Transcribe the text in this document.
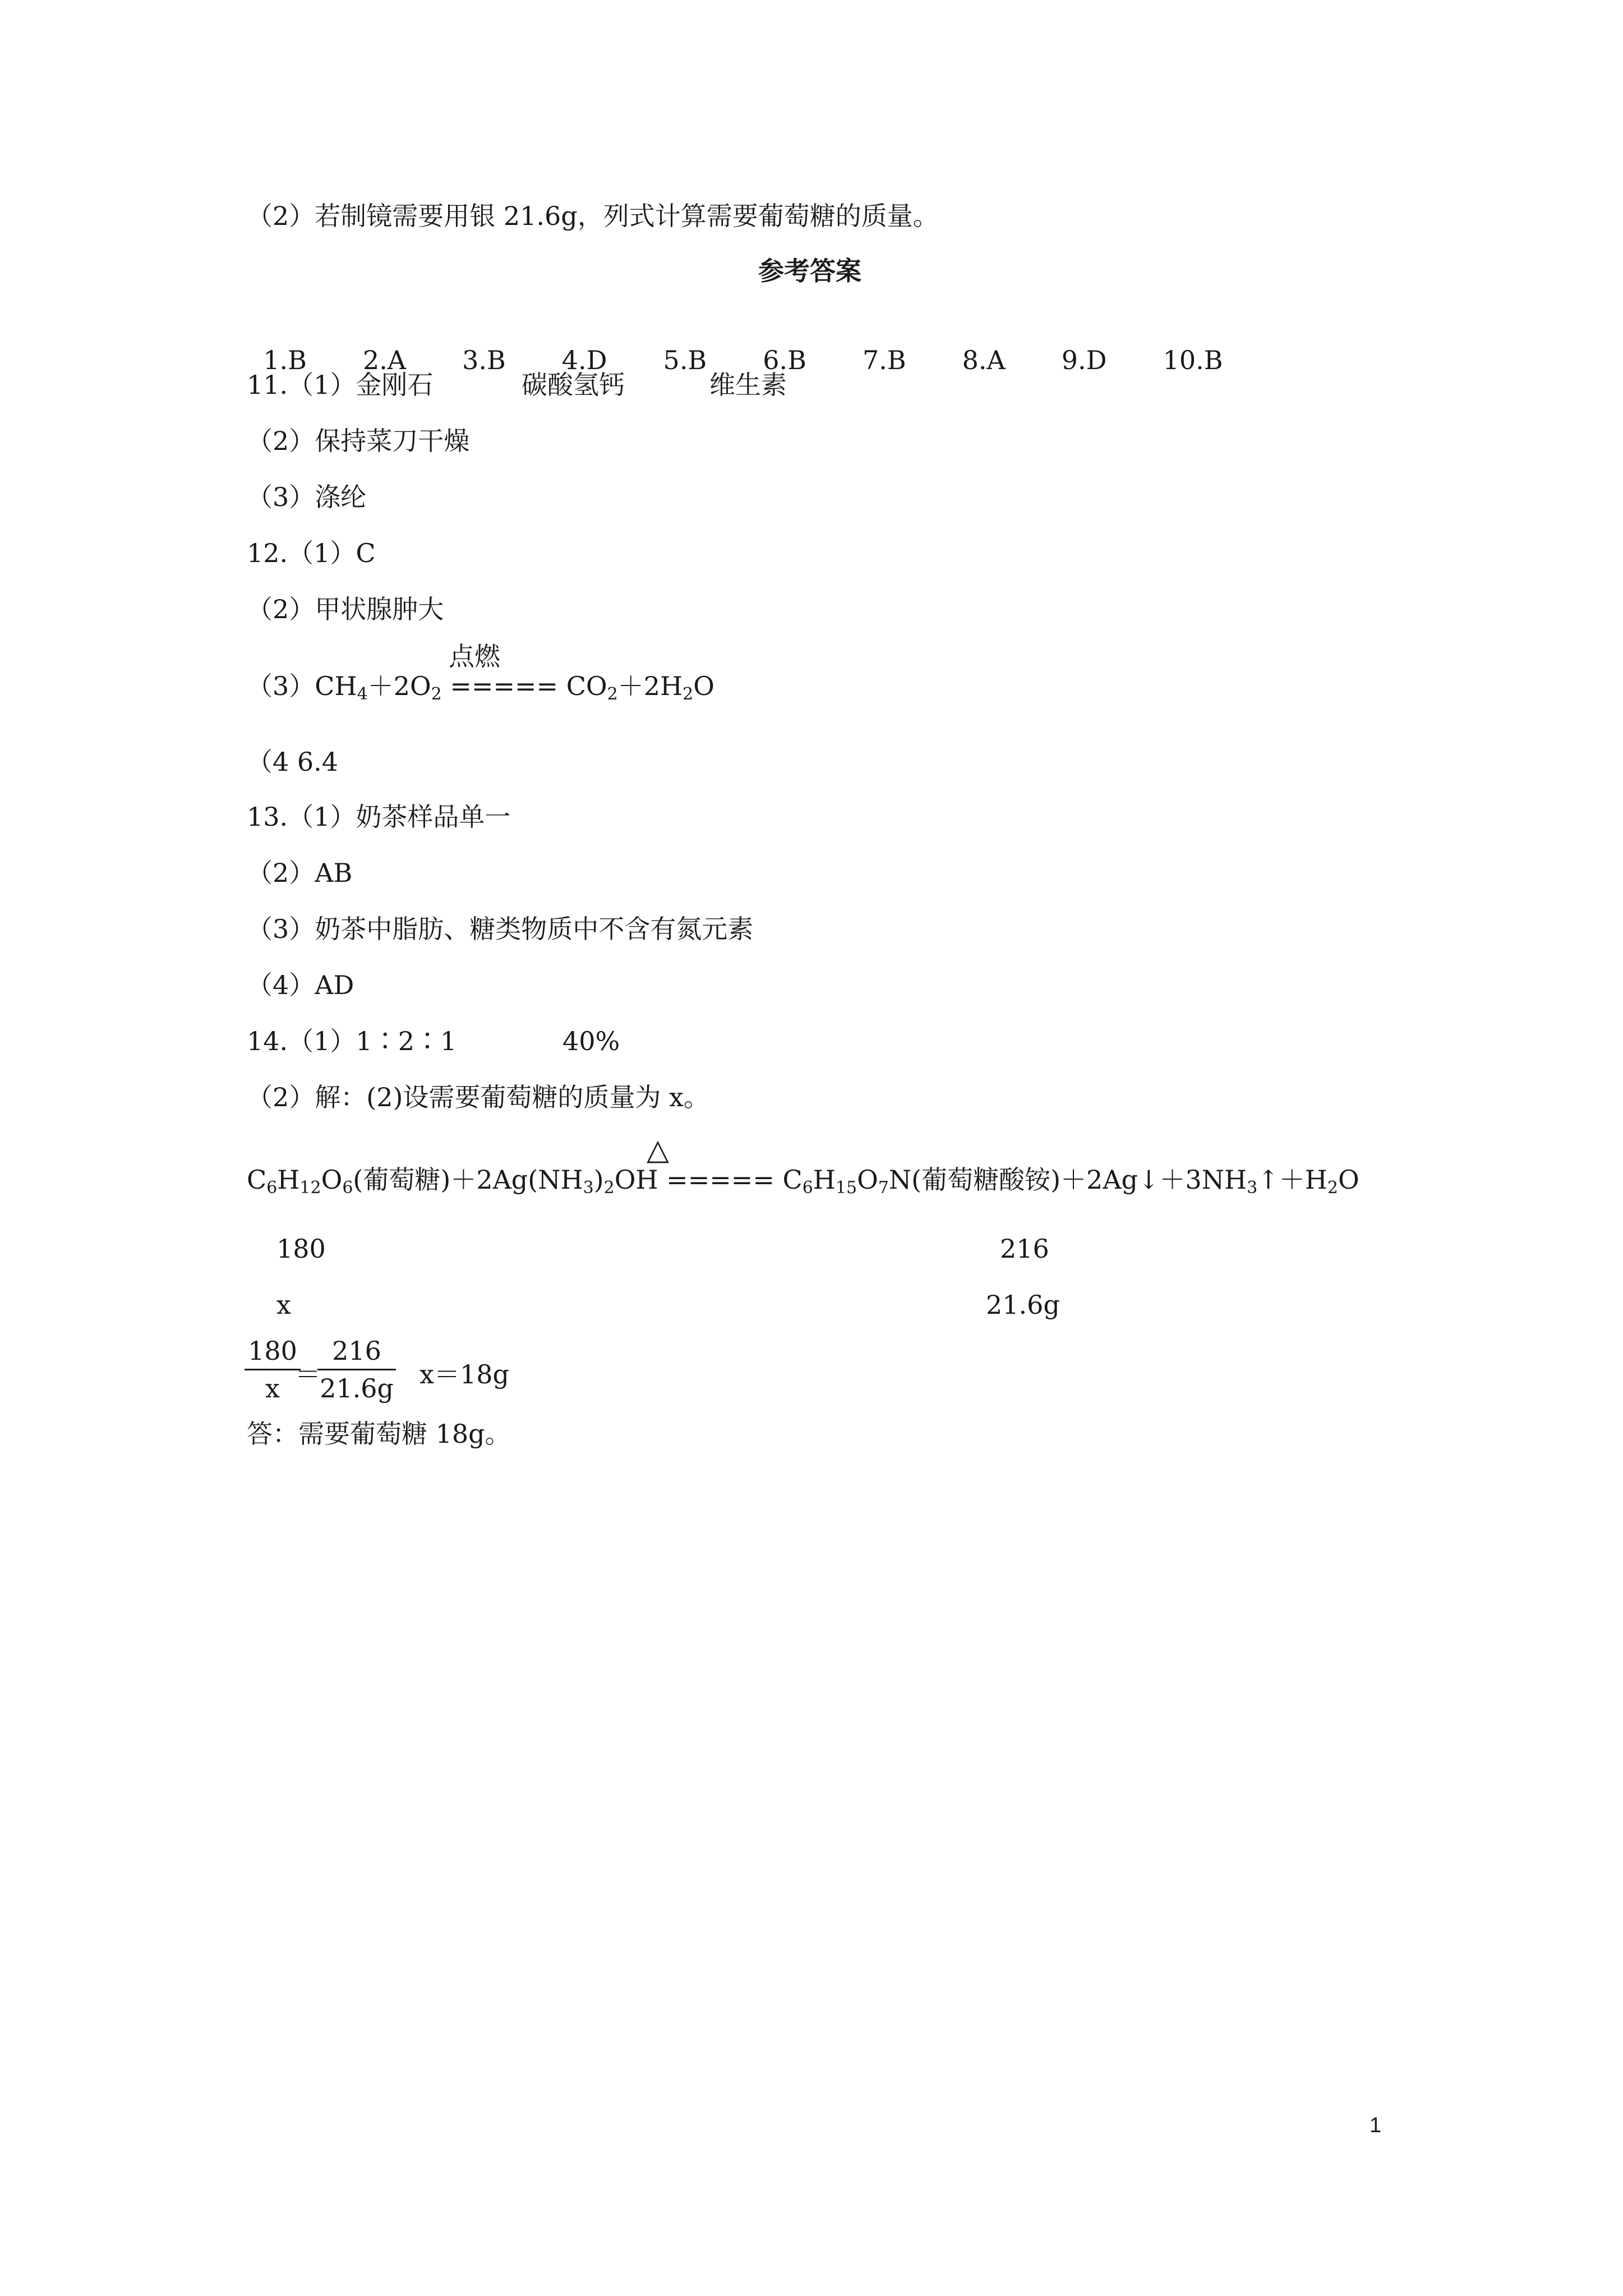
（2）若制镜需要用银 21.6g，列式计算需要葡萄糖的质量。
参考答案

1.B 2.A 3.B 4.D 5.B 6.B 7.B 8.A 9.D 10.B

11.（1）金刚石	碳酸氢钙	维生素
（2）保持菜刀干燥
（3）涤纶
12.（1）C
（2）甲状腺肿大
点燃
$(3)CH_4+2O_2$ ===== $CO_2+2H_2O$
（4 6.4
13.（1）奶茶样品单一
（2）AB
（3）奶茶中脂肪、糖类物质中不含有氮元素
（4）AD
14.（1）1∶2∶1	40%
（2）解：(2)设需要葡萄糖的质量为 x。
△
$C_6H_{12}O_6$(葡萄糖)$+2Ag(NH_3)_2OH$ ===== $C_6H_{15}O_7N$(葡萄糖酸铵)$+2Ag↓+3NH_3↑+H_2O$
180	216
x	21.6g
$\frac{180}{x}$
＝
$\frac{216}{21.6g} x=18g$
答：需要葡萄糖 18g。
1
